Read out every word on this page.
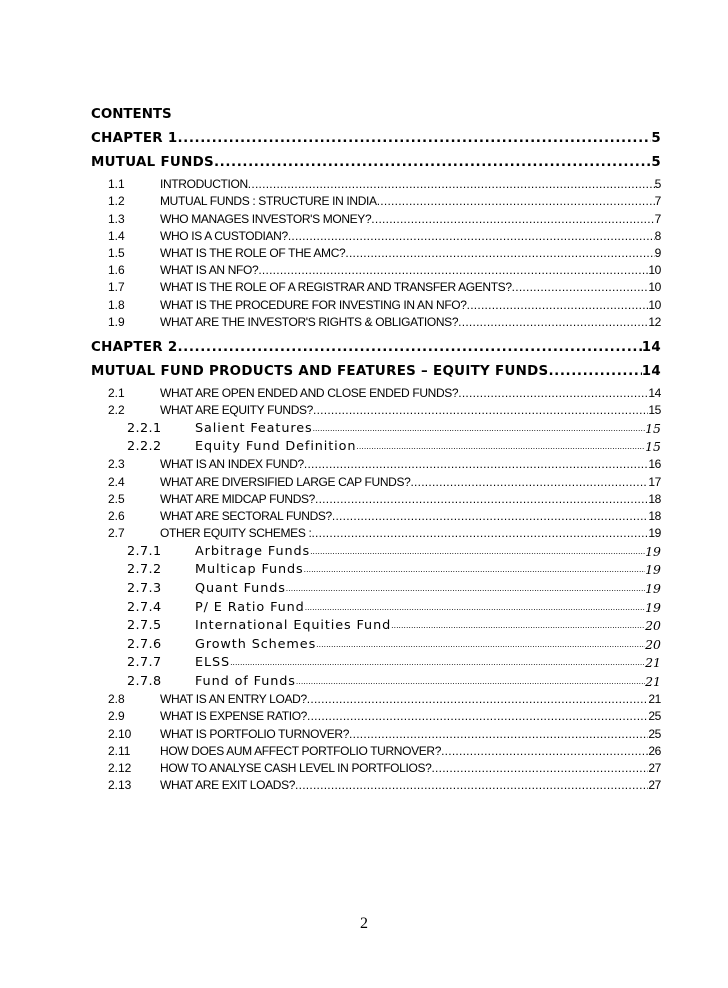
CONTENTS
CHAPTER 1 .....	5
MUTUAL FUNDS .....	5
1.1	INTRODUCTION .....	5
1.2	MUTUAL FUNDS : STRUCTURE IN INDIA .....	7
1.3	WHO MANAGES INVESTOR'S MONEY? .....	7
1.4	WHO IS A CUSTODIAN? .....	8
1.5	WHAT IS THE ROLE OF THE AMC? .....	9
1.6	WHAT IS AN NFO? .....	10
1.7	WHAT IS THE ROLE OF A REGISTRAR AND TRANSFER AGENTS? .....	10
1.8	WHAT IS THE PROCEDURE FOR INVESTING IN AN NFO? .....	10
1.9	WHAT ARE THE INVESTOR'S RIGHTS & OBLIGATIONS? .....	12
CHAPTER 2 .....	14
MUTUAL FUND PRODUCTS AND FEATURES – EQUITY FUNDS .....	14
2.1	WHAT ARE OPEN ENDED AND CLOSE ENDED FUNDS? .....	14
2.2	WHAT ARE EQUITY FUNDS? .....	15
2.2.1	Salient Features .....	15
2.2.2	Equity Fund Definition .....	15
2.3	WHAT IS AN INDEX FUND? .....	16
2.4	WHAT ARE DIVERSIFIED LARGE CAP FUNDS? .....	17
2.5	WHAT ARE MIDCAP FUNDS? .....	18
2.6	WHAT ARE SECTORAL FUNDS? .....	18
2.7	OTHER EQUITY SCHEMES : .....	19
2.7.1	Arbitrage Funds .....	19
2.7.2	Multicap Funds .....	19
2.7.3	Quant Funds .....	19
2.7.4	P/ E Ratio Fund .....	19
2.7.5	International Equities Fund .....	20
2.7.6	Growth Schemes .....	20
2.7.7	ELSS .....	21
2.7.8	Fund of Funds .....	21
2.8	WHAT IS AN ENTRY LOAD? .....	21
2.9	WHAT IS EXPENSE RATIO? .....	25
2.10	WHAT IS PORTFOLIO TURNOVER? .....	25
2.11	HOW DOES AUM AFFECT PORTFOLIO TURNOVER? .....	26
2.12	HOW TO ANALYSE CASH LEVEL IN PORTFOLIOS? .....	27
2.13	WHAT ARE EXIT LOADS? .....	27
2
